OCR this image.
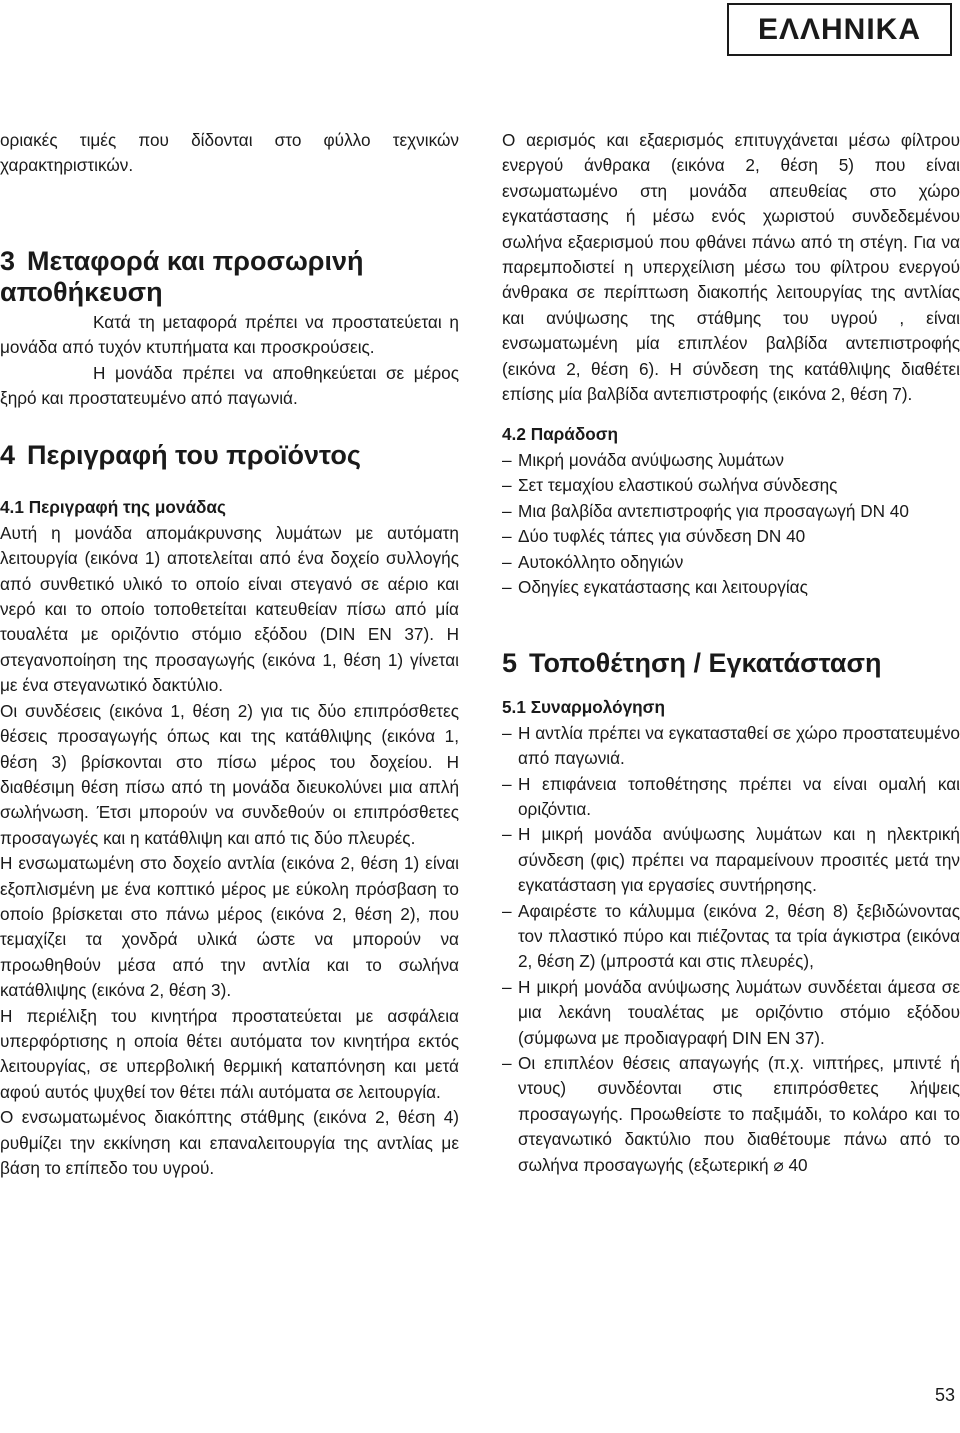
ΕΛΛΗΝΙΚΑ

οριακές τιμές που δίδονται στο φύλλο τεχνικών χαρακτηριστικών.

3 Μεταφορά και προσωρινή αποθήκευση

Κατά τη μεταφορά πρέπει να προστατεύεται η μονάδα από τυχόν κτυπήματα και προσκρούσεις.

Η μονάδα πρέπει να αποθηκεύεται σε μέρος ξηρό και προστατευμένο από παγωνιά.

4 Περιγραφή του προϊόντος
4.1 Περιγραφή της μονάδας

Αυτή η μονάδα απομάκρυνσης λυμάτων με αυτόματη λειτουργία (εικόνα 1) αποτελείται από ένα δοχείο συλλογής από συνθετικό υλικό το οποίο είναι στεγανό σε αέριο και νερό και το οποίο τοποθετείται κατευθείαν πίσω από μία τουαλέτα με οριζόντιο στόμιο εξόδου (DIN EN 37). Η στεγανοποίηση της προσαγωγής (εικόνα 1, θέση 1) γίνεται με ένα στεγανωτικό δακτύλιο.

Οι συνδέσεις (εικόνα 1, θέση 2) για τις δύο επιπρόσθετες θέσεις προσαγωγής όπως και της κατάθλιψης (εικόνα 1, θέση 3) βρίσκονται στο πίσω μέρος του δοχείου. Η διαθέσιμη θέση πίσω από τη μονάδα διευκολύνει μια απλή σωλήνωση. Έτσι μπορούν να συνδεθούν οι επιπρόσθετες προσαγωγές και η κατάθλιψη και από τις δύο πλευρές.

Η ενσωματωμένη στο δοχείο αντλία (εικόνα 2, θέση 1) είναι εξοπλισμένη με ένα κοπτικό μέρος με εύκολη πρόσβαση το οποίο βρίσκεται στο πάνω μέρος (εικόνα 2, θέση 2), που τεμαχίζει τα χονδρά υλικά ώστε να μπορούν να προωθηθούν μέσα από την αντλία και το σωλήνα κατάθλιψης (εικόνα 2, θέση 3).

Η περιέλιξη του κινητήρα προστατεύεται με ασφάλεια υπερφόρτισης η οποία θέτει αυτόματα τον κινητήρα εκτός λειτουργίας, σε υπερβολική θερμική καταπόνηση και μετά αφού αυτός ψυχθεί τον θέτει πάλι αυτόματα σε λειτουργία.

Ο ενσωματωμένος διακόπτης στάθμης (εικόνα 2, θέση 4) ρυθμίζει την εκκίνηση και επαναλειτουργία της αντλίας με βάση το επίπεδο του υγρού.

Ο αερισμός και εξαερισμός επιτυγχάνεται μέσω φίλτρου ενεργού άνθρακα (εικόνα 2, θέση 5) που είναι ενσωματωμένο στη μονάδα απευθείας στο χώρο εγκατάστασης ή μέσω ενός χωριστού συνδεδεμένου σωλήνα εξαερισμού που φθάνει πάνω από τη στέγη. Για να παρεμποδιστεί η υπερχείλιση μέσω του φίλτρου ενεργού άνθρακα σε περίπτωση διακοπής λειτουργίας της αντλίας και ανύψωσης της στάθμης του υγρού , είναι ενσωματωμένη μία επιπλέον βαλβίδα αντεπιστροφής (εικόνα 2, θέση 6). Η σύνδεση της κατάθλιψης διαθέτει επίσης μία βαλβίδα αντεπιστροφής (εικόνα 2, θέση 7).

4.2 Παράδοση
– Μικρή μονάδα ανύψωσης λυμάτων
– Σετ τεμαχίου ελαστικού σωλήνα σύνδεσης
– Μια βαλβίδα αντεπιστροφής για προσαγωγή DN 40
– Δύο τυφλές τάπες για σύνδεση DN 40
– Αυτοκόλλητο οδηγιών
– Οδηγίες εγκατάστασης και λειτουργίας
5 Τοποθέτηση / Εγκατάσταση
5.1 Συναρμολόγηση
– Η αντλία πρέπει να εγκατασταθεί σε χώρο προστατευμένο από παγωνιά.
– Η επιφάνεια τοποθέτησης πρέπει να είναι ομαλή και οριζόντια.
– Η μικρή μονάδα ανύψωσης λυμάτων και η ηλεκτρική σύνδεση (φις) πρέπει να παραμείνουν προσιτές μετά την εγκατάσταση για εργασίες συντήρησης.
– Αφαιρέστε το κάλυμμα (εικόνα 2, θέση 8) ξεβιδώνοντας τον πλαστικό πύρο και πιέζοντας τα τρία άγκιστρα (εικόνα 2, θέση Z) (μπροστά και στις πλευρές),
– Η μικρή μονάδα ανύψωσης λυμάτων συνδέεται άμεσα σε μια λεκάνη τουαλέτας με οριζόντιο στόμιο εξόδου (σύμφωνα με προδιαγραφή DIN EN 37).
– Οι επιπλέον θέσεις απαγωγής (π.χ. νιπτήρες, μπιντέ ή ντους) συνδέονται στις επιπρόσθετες λήψεις προσαγωγής. Προωθείστε το παξιμάδι, το κολάρο και το στεγανωτικό δακτύλιο που διαθέτουμε πάνω από το σωλήνα προσαγωγής (εξωτερική ⌀ 40
53
